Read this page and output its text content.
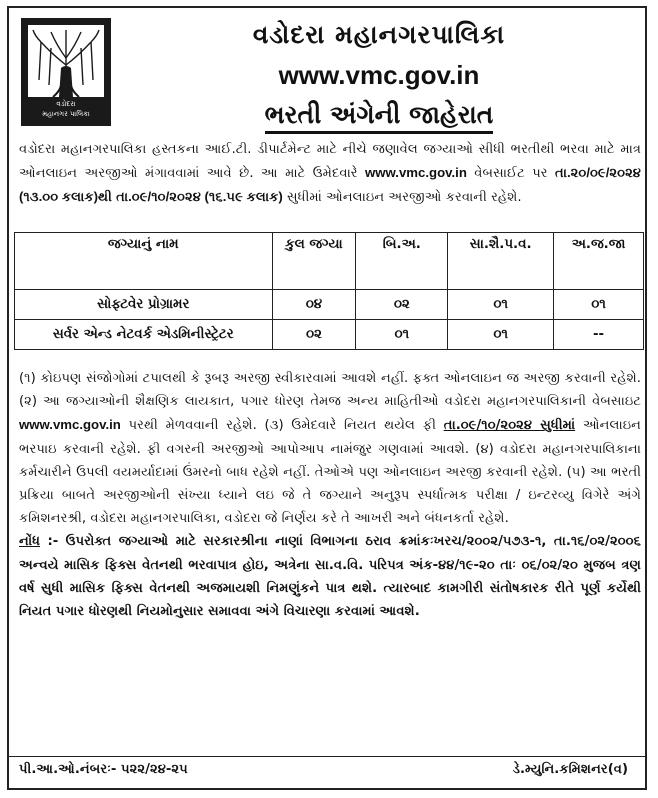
વડોદરા
મહાનગર પાલિકા
વડોદરા મહાનગરપાલિકા
www.vmc.gov.in
ભરતી અંગેની જાહેરાત
વડોદરા મહાનગરપાલિકા હસ્તકના આઈ.ટી. ડીપાર્ટમેન્ટ માટે નીચે જણાવેલ જગ્યાઓ સીધી ભરતીથી ભરવા માટે માત્ર ઓનલાઇન અરજીઓ મંગાવવામાં આવે છે. આ માટે ઉમેદવારે www.vmc.gov.in વેબસાઈટ પર તા.૨૦/૦૯/૨૦૨૪ (૧૩.૦૦ કલાક)થી તા.૦૯/૧૦/૨૦૨૪ (૧૬.૫૯ કલાક) સુધીમાં ઓનલાઇન અરજીઓ કરવાની રહેશે.
જગ્યાનું નામ	કુલ જગ્યા	બિ.અ.	સા.શૈ.પ.વ.	અ.જ.જા
સોફ્ટવેર પ્રોગ્રામર	૦૪	૦૨	૦૧	૦૧
સર્વર એન્ડ નેટવર્ક એડમિનીસ્ટ્રેટર	૦૨	૦૧	૦૧	--
(૧) કોઇપણ સંજોગોમાં ટપાલથી કે રૂબરૂ અરજી સ્વીકારવામાં આવશે નહીં. ફક્ત ઓનલાઇન જ અરજી કરવાની રહેશે. (૨) આ જગ્યાઓની શૈક્ષણિક લાયકાત, પગાર ધોરણ તેમજ અન્ય માહિતીઓ વડોદરા મહાનગરપાલિકાની વેબસાઇટ www.vmc.gov.in પરથી મેળવવાની રહેશે. (૩) ઉમેદવારે નિયત થયેલ ફી તા.૦૯/૧૦/૨૦૨૪ સુધીમાં ઓનલાઇન ભરપાઇ કરવાની રહેશે. ફી વગરની અરજીઓ આપોઆપ નામંજુર ગણવામાં આવશે. (૪) વડોદરા મહાનગરપાલિકાના કર્મચારીને ઉપલી વયમર્યાદામાં ઉંમરનો બાધ રહેશે નહીં. તેઓએ પણ ઓનલાઇન અરજી કરવાની રહેશે. (૫) આ ભરતી પ્રક્રિયા બાબતે અરજીઓની સંખ્યા ધ્યાને લઇ જે તે જગ્યાને અનુરૂપ સ્પર્ધાત્મક પરીક્ષા / ઇન્ટરવ્યુ વિગેરે અંગે કમિશનરશ્રી, વડોદરા મહાનગરપાલિકા, વડોદરા જે નિર્ણય કરે તે આખરી અને બંધનકર્તા રહેશે.
નોંધ :- ઉપરોક્ત જગ્યાઓ માટે સરકારશ્રીના નાણાં વિભાગના ઠરાવ ક્રમાંકઃખરચ/૨૦૦૨/૫૭૩-૧, તા.૧૬/૦૨/૨૦૦૬ અન્વયે માસિક ફિક્સ વેતનથી ભરવાપાત્ર હોઇ, અત્રેના સા.વ.વિ. પરિપત્ર અંક-૪૪/૧૯-૨૦ તાઃ ૦૬/૦૨/૨૦ મુજબ ત્રણ વર્ષ સુધી માસિક ફિક્સ વેતનથી અજમાયશી નિમણુંકને પાત્ર થશે. ત્યારબાદ કામગીરી સંતોષકારક રીતે પૂર્ણ કર્યેથી નિયત પગાર ધોરણથી નિયમોનુસાર સમાવવા અંગે વિચારણા કરવામાં આવશે.
પી.આ.ઓ.નંબરઃ- ૫૨૨/૨૪-૨૫	ડે.મ્યુનિ.કમિશનર(વ)
